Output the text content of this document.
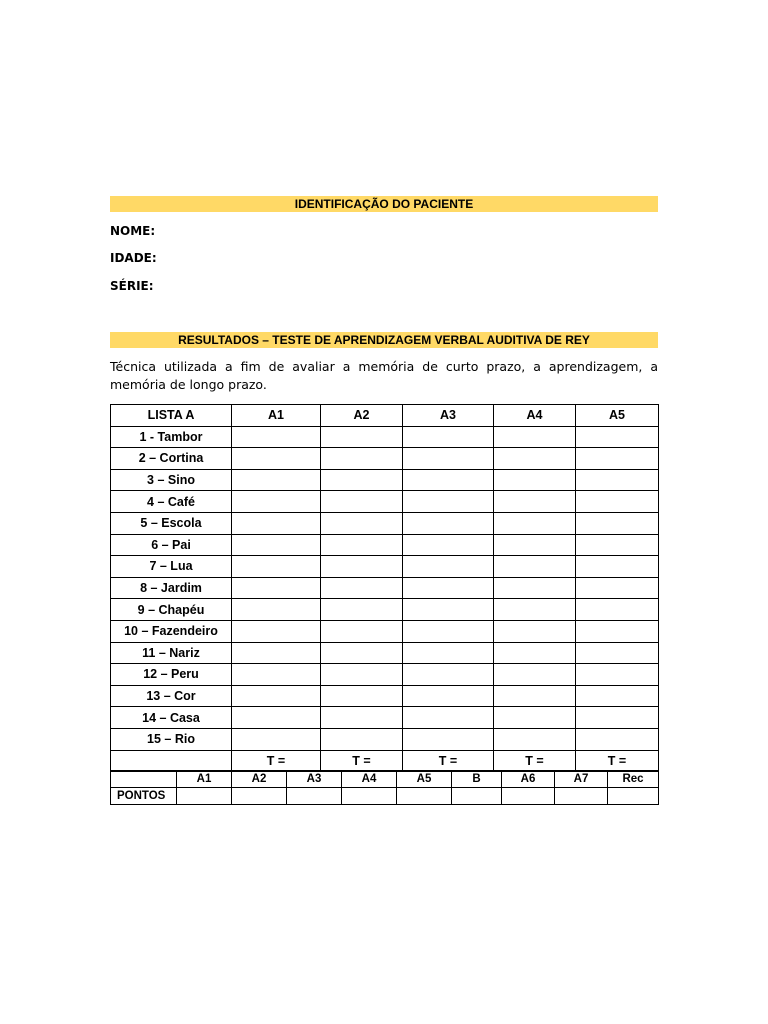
IDENTIFICAÇÃO DO PACIENTE
NOME:
IDADE:
SÉRIE:
RESULTADOS – TESTE DE APRENDIZAGEM VERBAL AUDITIVA DE REY
Técnica utilizada a fim de avaliar a memória de curto prazo, a aprendizagem, a memória de longo prazo.
LISTA A	A1	A2	A3	A4	A5
1 - Tambor					
2 – Cortina					
3 – Sino					
4 – Café					
5 – Escola					
6 – Pai					
7 – Lua					
8 – Jardim					
9 – Chapéu					
10 – Fazendeiro					
11 – Nariz					
12 – Peru					
13 – Cor					
14 – Casa					
15 – Rio					
	T =	T =	T =	T =	T =
	A1	A2	A3	A4	A5	B	A6	A7	Rec
PONTOS									
